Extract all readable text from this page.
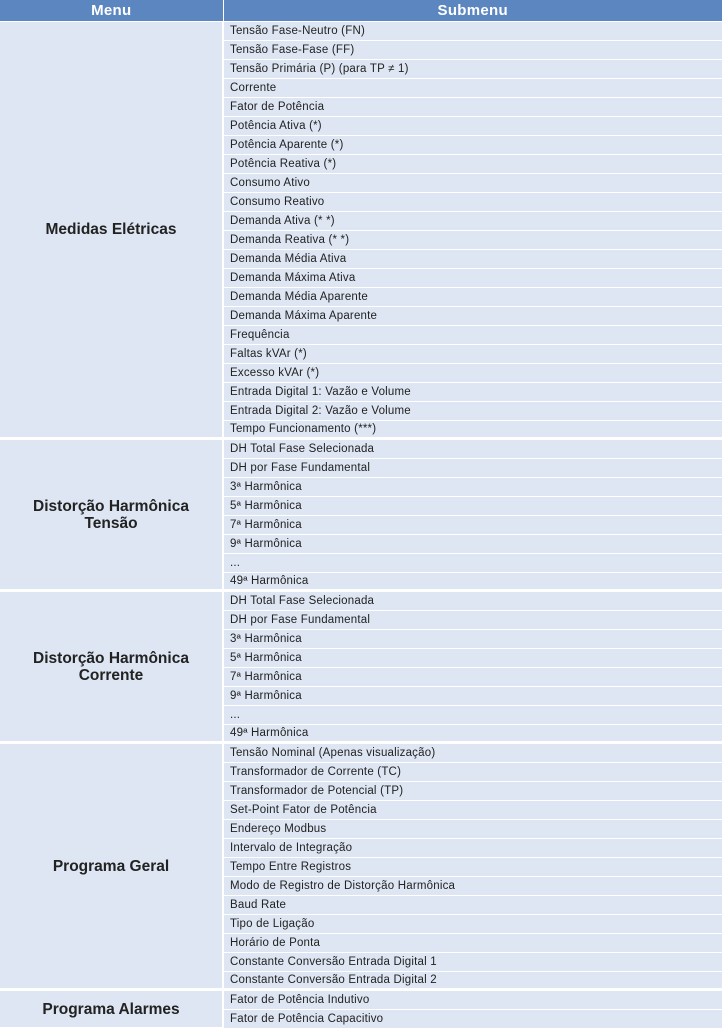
Menu	Submenu
Medidas Elétricas	Tensão Fase-Neutro (FN)
	Tensão Fase-Fase (FF)
	Tensão Primária (P) (para TP ≠ 1)
	Corrente
	Fator de Potência
	Potência Ativa (*)
	Potência Aparente (*)
	Potência Reativa (*)
	Consumo Ativo
	Consumo Reativo
	Demanda Ativa (* *)
	Demanda Reativa (* *)
	Demanda Média Ativa
	Demanda Máxima Ativa
	Demanda Média Aparente
	Demanda Máxima Aparente
	Frequência
	Faltas kVAr (*)
	Excesso kVAr (*)
	Entrada Digital 1: Vazão e Volume
	Entrada Digital 2: Vazão e Volume
	Tempo Funcionamento (***)
Distorção Harmônica Tensão	DH Total Fase Selecionada
	DH por Fase Fundamental
	3ª Harmônica
	5ª Harmônica
	7ª Harmônica
	9ª Harmônica
	...
	49ª Harmônica
Distorção Harmônica Corrente	DH Total Fase Selecionada
	DH por Fase Fundamental
	3ª Harmônica
	5ª Harmônica
	7ª Harmônica
	9ª Harmônica
	...
	49ª Harmônica
Programa Geral	Tensão Nominal (Apenas visualização)
	Transformador de Corrente (TC)
	Transformador de Potencial (TP)
	Set-Point Fator de Potência
	Endereço Modbus
	Intervalo de Integração
	Tempo Entre Registros
	Modo de Registro de Distorção Harmônica
	Baud Rate
	Tipo de Ligação
	Horário de Ponta
	Constante Conversão Entrada Digital 1
	Constante Conversão Entrada Digital 2
Programa Alarmes	Fator de Potência Indutivo
	Fator de Potência Capacitivo
